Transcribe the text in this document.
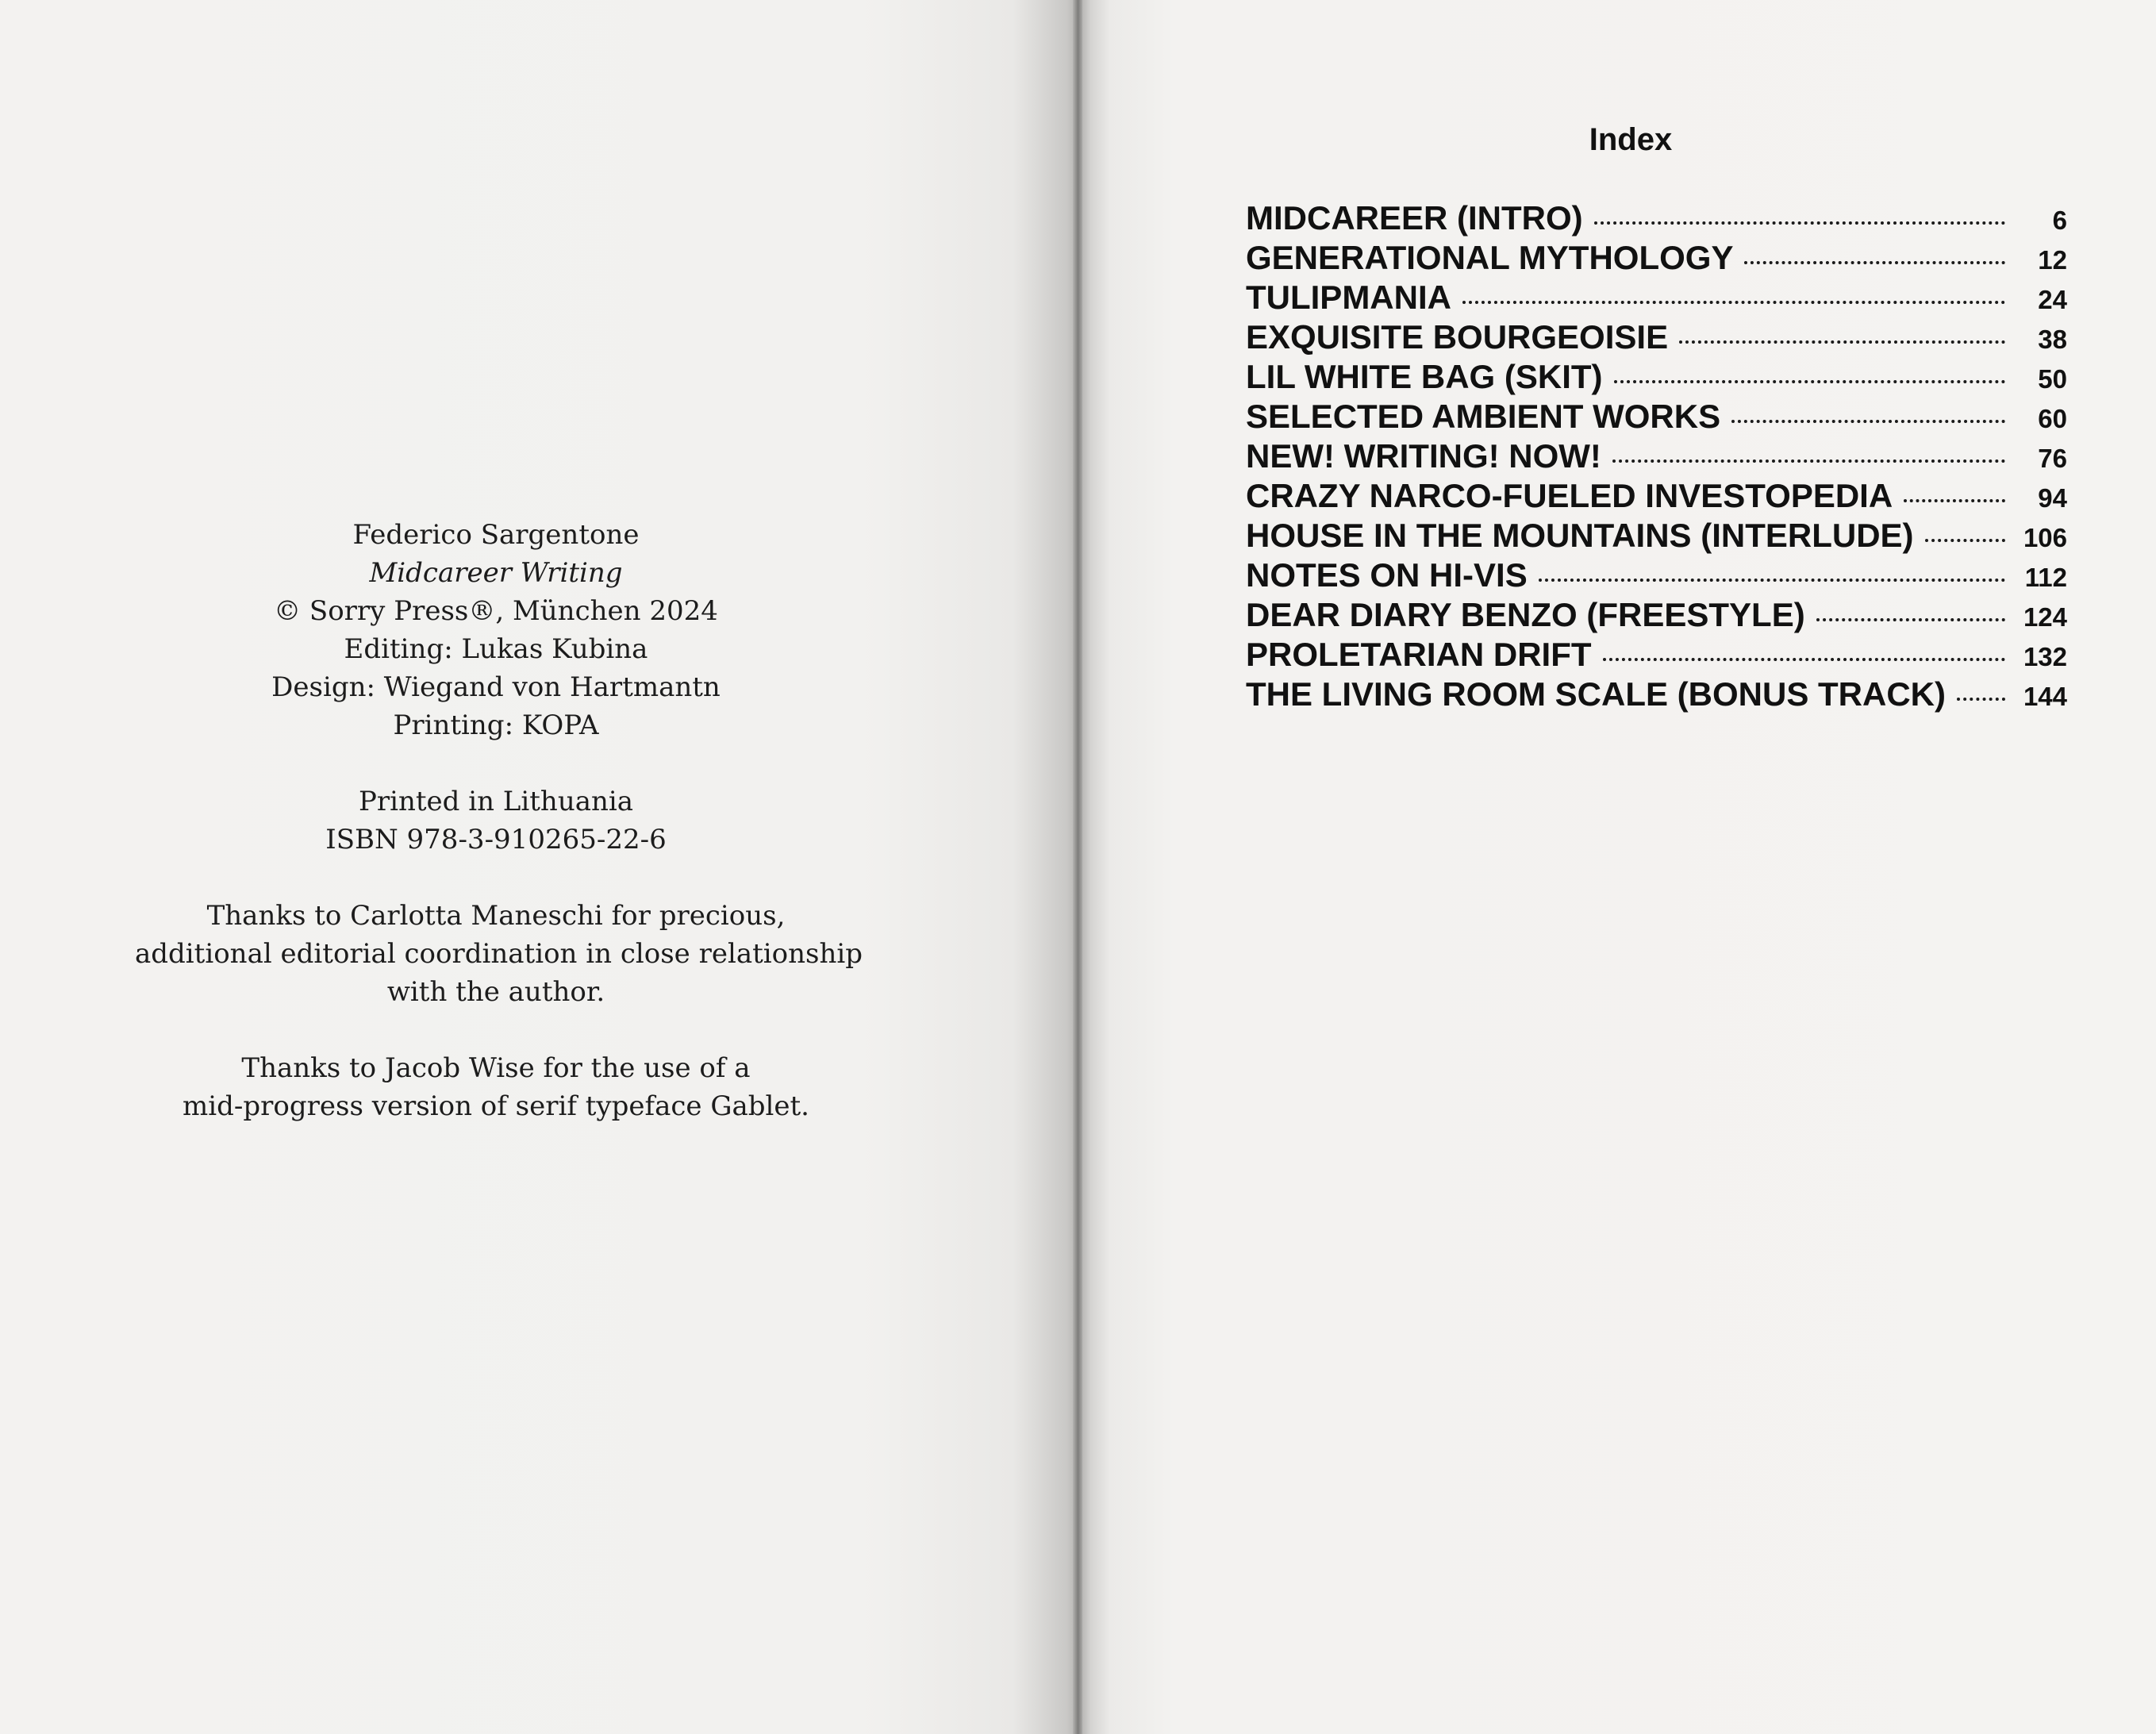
Federico Sargentone
Midcareer Writing
© Sorry Press®, München 2024
Editing: Lukas Kubina
Design: Wiegand von Hartmantn
Printing: KOPA
Printed in Lithuania
ISBN 978-3-910265-22-6
Thanks to Carlotta Maneschi for precious,
additional editorial coordination in close relationship
with the author.
Thanks to Jacob Wise for the use of a
mid-progress version of serif typeface Gablet.
Index
MIDCAREER (INTRO)	6
GENERATIONAL MYTHOLOGY	12
TULIPMANIA	24
EXQUISITE BOURGEOISIE	38
LIL WHITE BAG (SKIT)	50
SELECTED AMBIENT WORKS	60
NEW! WRITING! NOW!	76
CRAZY NARCO-FUELED INVESTOPEDIA	94
HOUSE IN THE MOUNTAINS (INTERLUDE)	106
NOTES ON HI-VIS	112
DEAR DIARY BENZO (FREESTYLE)	124
PROLETARIAN DRIFT	132
THE LIVING ROOM SCALE (BONUS TRACK)	144
